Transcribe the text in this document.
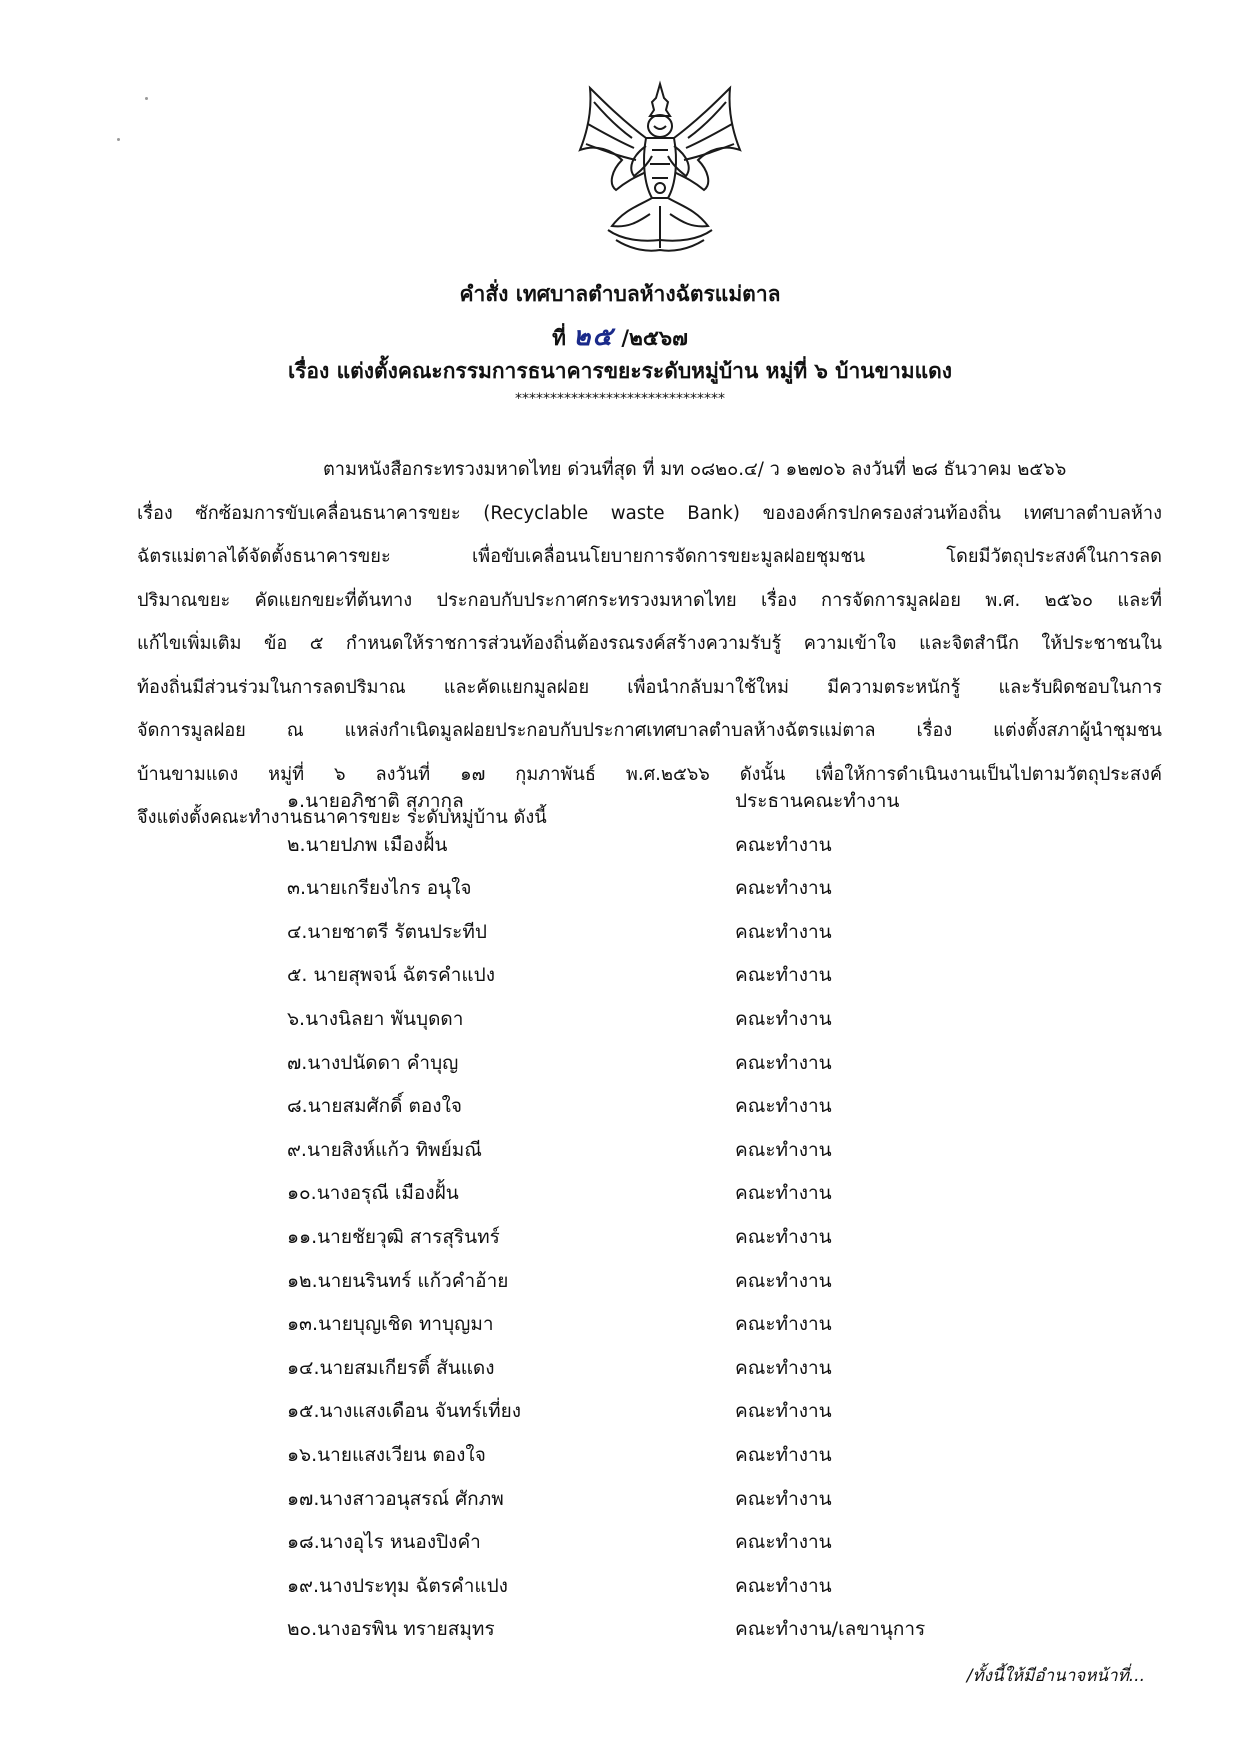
คำสั่ง เทศบาลตำบลห้างฉัตรแม่ตาล
ที่ ๒๕ /๒๕๖๗
เรื่อง แต่งตั้งคณะกรรมการธนาคารขยะระดับหมู่บ้าน หมู่ที่ ๖ บ้านขามแดง
******************************
ตามหนังสือกระทรวงมหาดไทย ด่วนที่สุด ที่ มท ๐๘๒๐.๔/ ว ๑๒๗๐๖ ลงวันที่ ๒๘ ธันวาคม ๒๕๖๖
เรื่อง ซักซ้อมการขับเคลื่อนธนาคารขยะ (Recyclable waste Bank) ขององค์กรปกครองส่วนท้องถิ่น เทศบาลตำบลห้าง
ฉัตรแม่ตาลได้จัดตั้งธนาคารขยะ เพื่อขับเคลื่อนนโยบายการจัดการขยะมูลฝอยชุมชน โดยมีวัตถุประสงค์ในการลด
ปริมาณขยะ คัดแยกขยะที่ต้นทาง ประกอบกับประกาศกระทรวงมหาดไทย เรื่อง การจัดการมูลฝอย พ.ศ. ๒๕๖๐ และที่
แก้ไขเพิ่มเติม ข้อ ๕ กำหนดให้ราชการส่วนท้องถิ่นต้องรณรงค์สร้างความรับรู้ ความเข้าใจ และจิตสำนึก ให้ประชาชนใน
ท้องถิ่นมีส่วนร่วมในการลดปริมาณ และคัดแยกมูลฝอย เพื่อนำกลับมาใช้ใหม่ มีความตระหนักรู้ และรับผิดชอบในการ
จัดการมูลฝอย ณ แหล่งกำเนิดมูลฝอยประกอบกับประกาศเทศบาลตำบลห้างฉัตรแม่ตาล เรื่อง แต่งตั้งสภาผู้นำชุมชน
บ้านขามแดง หมู่ที่ ๖ ลงวันที่ ๑๗ กุมภาพันธ์ พ.ศ.๒๕๖๖ ดังนั้น เพื่อให้การดำเนินงานเป็นไปตามวัตถุประสงค์
จึงแต่งตั้งคณะทำงานธนาคารขยะ ระดับหมู่บ้าน ดังนี้
๑.นายอภิชาติ สุภากุล	ประธานคณะทำงาน
๒.นายปภพ เมืองฝั้น	คณะทำงาน
๓.นายเกรียงไกร อนุใจ	คณะทำงาน
๔.นายชาตรี รัตนประทีป	คณะทำงาน
๕. นายสุพจน์ ฉัตรคำแปง	คณะทำงาน
๖.นางนิลยา พันบุดดา	คณะทำงาน
๗.นางปนัดดา คำบุญ	คณะทำงาน
๘.นายสมศักดิ์ ตองใจ	คณะทำงาน
๙.นายสิงห์แก้ว ทิพย์มณี	คณะทำงาน
๑๐.นางอรุณี เมืองฝั้น	คณะทำงาน
๑๑.นายชัยวุฒิ สารสุรินทร์	คณะทำงาน
๑๒.นายนรินทร์ แก้วคำอ้าย	คณะทำงาน
๑๓.นายบุญเชิด ทาบุญมา	คณะทำงาน
๑๔.นายสมเกียรติ์ สันแดง	คณะทำงาน
๑๕.นางแสงเดือน จันทร์เที่ยง	คณะทำงาน
๑๖.นายแสงเวียน ตองใจ	คณะทำงาน
๑๗.นางสาวอนุสรณ์ ศักภพ	คณะทำงาน
๑๘.นางอุไร หนองปิงคำ	คณะทำงาน
๑๙.นางประทุม ฉัตรคำแปง	คณะทำงาน
๒๐.นางอรพิน ทรายสมุทร	คณะทำงาน/เลขานุการ
/ทั้งนี้ให้มีอำนาจหน้าที่...
